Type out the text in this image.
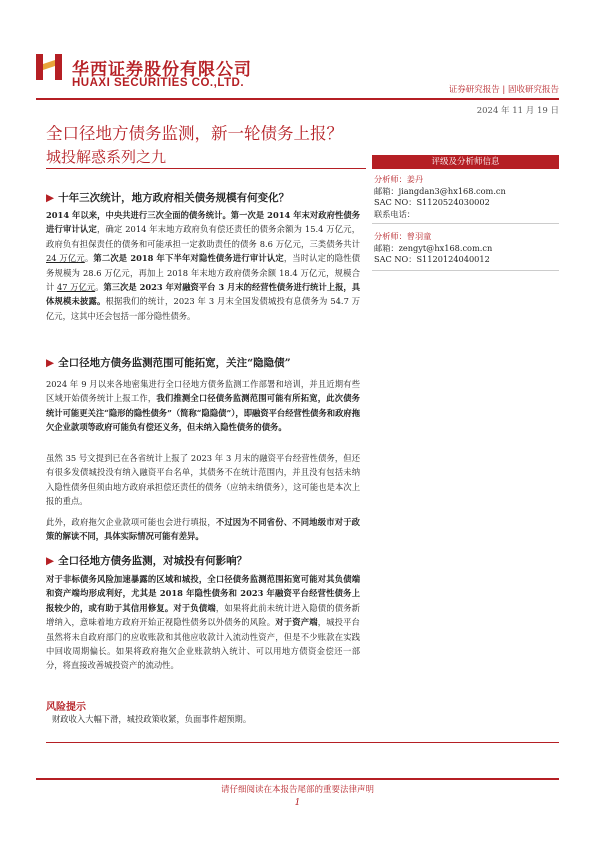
华西证券股份有限公司
HUAXI SECURITIES CO.,LTD.
证券研究报告 | 固收研究报告
2024 年 11 月 19 日
全口径地方债务监测，新一轮债务上报？
城投解惑系列之九	评级及分析师信息
分析师：姜丹
邮箱：jiangdan3@hx168.com.cn
SAC NO：S1120524030002
联系电话：
分析师：曾羽童
邮箱：zengyt@hx168.com.cn
SAC NO：S1120124040012
▶ 十年三次统计，地方政府相关债务规模有何变化？
2014 年以来，中央共进行三次全面的债务统计。第一次是 2014 年末对政府性债务进行审计认定，确定 2014 年末地方政府负有偿还责任的债务余额为 15.4 万亿元，政府负有担保责任的债务和可能承担一定救助责任的债务 8.6 万亿元，三类债务共计 24 万亿元。第二次是 2018 年下半年对隐性债务进行审计认定，当时认定的隐性债务规模为 28.6 万亿元，再加上 2018 年末地方政府债务余额 18.4 万亿元，规模合计 47 万亿元。第三次是 2023 年对融资平台 3 月末的经营性债务进行统计上报，具体规模未披露。根据我们的统计，2023 年 3 月末全国发债城投有息债务为 54.7 万亿元，这其中还会包括一部分隐性债务。
▶ 全口径地方债务监测范围可能拓宽，关注“隐隐债”
2024 年 9 月以来各地密集进行全口径地方债务监测工作部署和培训，并且近期有些区域开始债务统计上报工作，我们推测全口径债务监测范围可能有所拓宽，此次债务统计可能更关注“隐形的隐性债务”（简称“隐隐债”），即融资平台经营性债务和政府拖欠企业款项等政府可能负有偿还义务，但未纳入隐性债务的债务。
虽然 35 号文提到已在各省统计上报了 2023 年 3 月末的融资平台经营性债务，但还有很多发债城投没有纳入融资平台名单，其债务不在统计范围内，并且没有包括未纳入隐性债务但须由地方政府承担偿还责任的债务（应纳未纳债务），这可能也是本次上报的重点。
此外，政府拖欠企业款项可能也会进行填报，不过因为不同省份、不同地级市对于政策的解读不同，具体实际情况可能有差异。
▶ 全口径地方债务监测，对城投有何影响？
对于非标债务风险加速暴露的区域和城投，全口径债务监测范围拓宽可能对其负债端和资产端均形成利好，尤其是 2018 年隐性债务和 2023 年融资平台经营性债务上报较少的，或有助于其信用修复。对于负债端，如果将此前未统计进入隐债的债务新增纳入，意味着地方政府开始正视隐性债务以外债务的风险。对于资产端，城投平台虽然将未自政府部门的应收账款和其他应收款计入流动性资产，但是不少账款在实践中回收周期偏长。如果将政府拖欠企业账款纳入统计、可以用地方债资金偿还一部分，将直接改善城投资产的流动性。
风险提示
财政收入大幅下滑，城投政策收紧，负面事件超预期。
请仔细阅读在本报告尾部的重要法律声明
1
